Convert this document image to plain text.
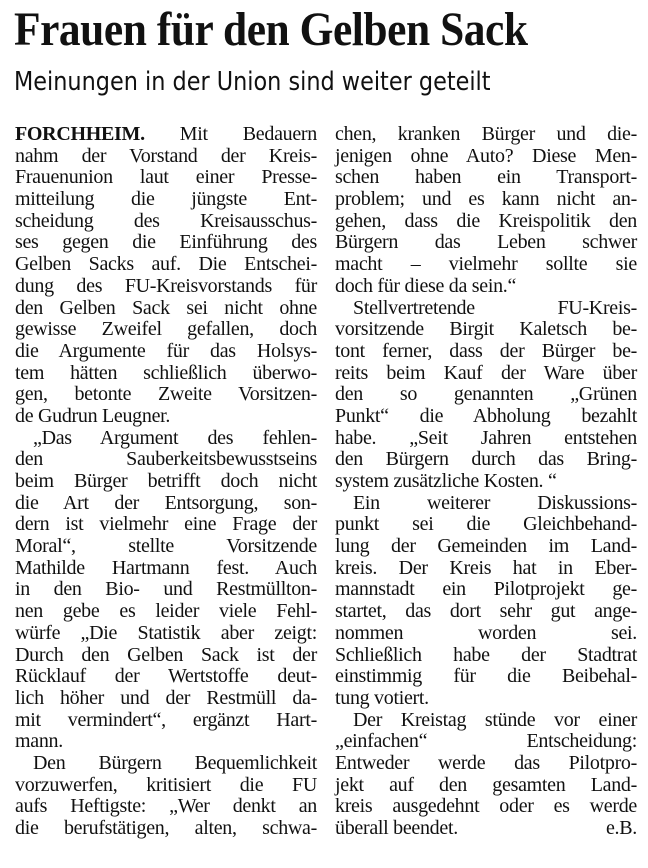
Frauen für den Gelben Sack
Meinungen in der Union sind weiter geteilt
FORCHHEIM. Mit Bedauern
nahm der Vorstand der Kreis-
Frauenunion laut einer Presse-
mitteilung die jüngste Ent-
scheidung des Kreisausschus-
ses gegen die Einführung des
Gelben Sacks auf. Die Entschei-
dung des FU-Kreisvorstands für
den Gelben Sack sei nicht ohne
gewisse Zweifel gefallen, doch
die Argumente für das Holsys-
tem hätten schließlich überwo-
gen, betonte Zweite Vorsitzen-
de Gudrun Leugner.
„Das Argument des fehlen-
den Sauberkeitsbewusstseins
beim Bürger betrifft doch nicht
die Art der Entsorgung, son-
dern ist vielmehr eine Frage der
Moral“, stellte Vorsitzende
Mathilde Hartmann fest. Auch
in den Bio- und Restmüllton-
nen gebe es leider viele Fehl-
würfe „Die Statistik aber zeigt:
Durch den Gelben Sack ist der
Rücklauf der Wertstoffe deut-
lich höher und der Restmüll da-
mit vermindert“, ergänzt Hart-
mann.
Den Bürgern Bequemlichkeit
vorzuwerfen, kritisiert die FU
aufs Heftigste: „Wer denkt an
die berufstätigen, alten, schwa-
chen, kranken Bürger und die-
jenigen ohne Auto? Diese Men-
schen haben ein Transport-
problem; und es kann nicht an-
gehen, dass die Kreispolitik den
Bürgern das Leben schwer
macht – vielmehr sollte sie
doch für diese da sein.“
Stellvertretende FU-Kreis-
vorsitzende Birgit Kaletsch be-
tont ferner, dass der Bürger be-
reits beim Kauf der Ware über
den so genannten „Grünen
Punkt“ die Abholung bezahlt
habe. „Seit Jahren entstehen
den Bürgern durch das Bring-
system zusätzliche Kosten. “
Ein weiterer Diskussions-
punkt sei die Gleichbehand-
lung der Gemeinden im Land-
kreis. Der Kreis hat in Eber-
mannstadt ein Pilotprojekt ge-
startet, das dort sehr gut ange-
nommen worden sei.
Schließlich habe der Stadtrat
einstimmig für die Beibehal-
tung votiert.
Der Kreistag stünde vor einer
„einfachen“ Entscheidung:
Entweder werde das Pilotpro-
jekt auf den gesamten Land-
kreis ausgedehnt oder es werde
überall beendet.	e.B.
